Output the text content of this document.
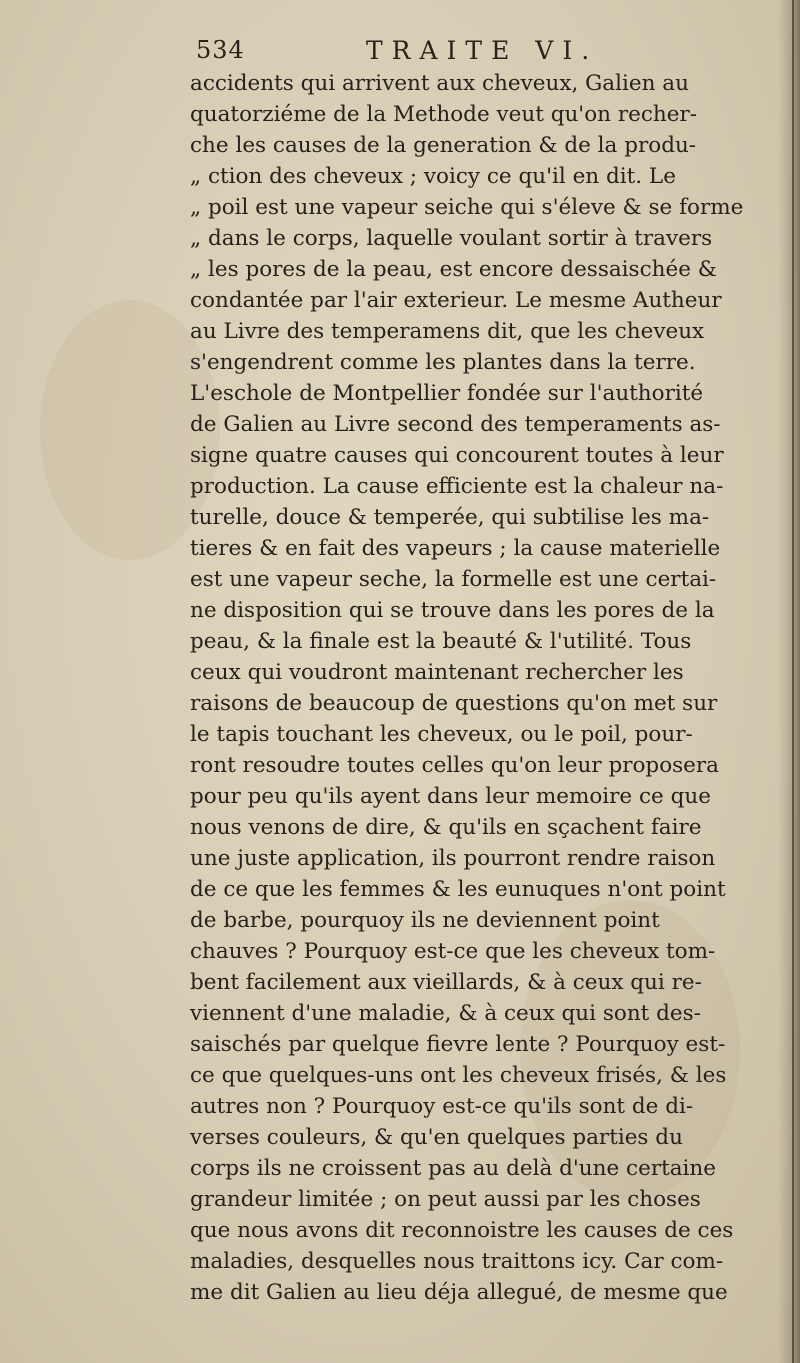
534	TRAITE VI.
accidents qui arrivent aux cheveux, Galien au
quatorziéme de la Methode veut qu'on recher-
che les causes de la generation & de la produ-
„ ction des cheveux ; voicy ce qu'il en dit. Le
„ poil est une vapeur seiche qui s'éleve & se forme
„ dans le corps, laquelle voulant sortir à travers
„ les pores de la peau, est encore dessaischée &
condantée par l'air exterieur. Le mesme Autheur
au Livre des temperamens dit, que les cheveux
s'engendrent comme les plantes dans la terre.
L'eschole de Montpellier fondée sur l'authorité
de Galien au Livre second des temperaments as-
signe quatre causes qui concourent toutes à leur
production. La cause efficiente est la chaleur na-
turelle, douce & temperée, qui subtilise les ma-
tieres & en fait des vapeurs ; la cause materielle
est une vapeur seche, la formelle est une certai-
ne disposition qui se trouve dans les pores de la
peau, & la finale est la beauté & l'utilité. Tous
ceux qui voudront maintenant rechercher les
raisons de beaucoup de questions qu'on met sur
le tapis touchant les cheveux, ou le poil, pour-
ront resoudre toutes celles qu'on leur proposera
pour peu qu'ils ayent dans leur memoire ce que
nous venons de dire, & qu'ils en sçachent faire
une juste application, ils pourront rendre raison
de ce que les femmes & les eunuques n'ont point
de barbe, pourquoy ils ne deviennent point
chauves ? Pourquoy est-ce que les cheveux tom-
bent facilement aux vieillards, & à ceux qui re-
viennent d'une maladie, & à ceux qui sont des-
saischés par quelque fievre lente ? Pourquoy est-
ce que quelques-uns ont les cheveux frisés, & les
autres non ? Pourquoy est-ce qu'ils sont de di-
verses couleurs, & qu'en quelques parties du
corps ils ne croissent pas au delà d'une certaine
grandeur limitée ; on peut aussi par les choses
que nous avons dit reconnoistre les causes de ces
maladies, desquelles nous traittons icy. Car com-
me dit Galien au lieu déja allegué, de mesme que
